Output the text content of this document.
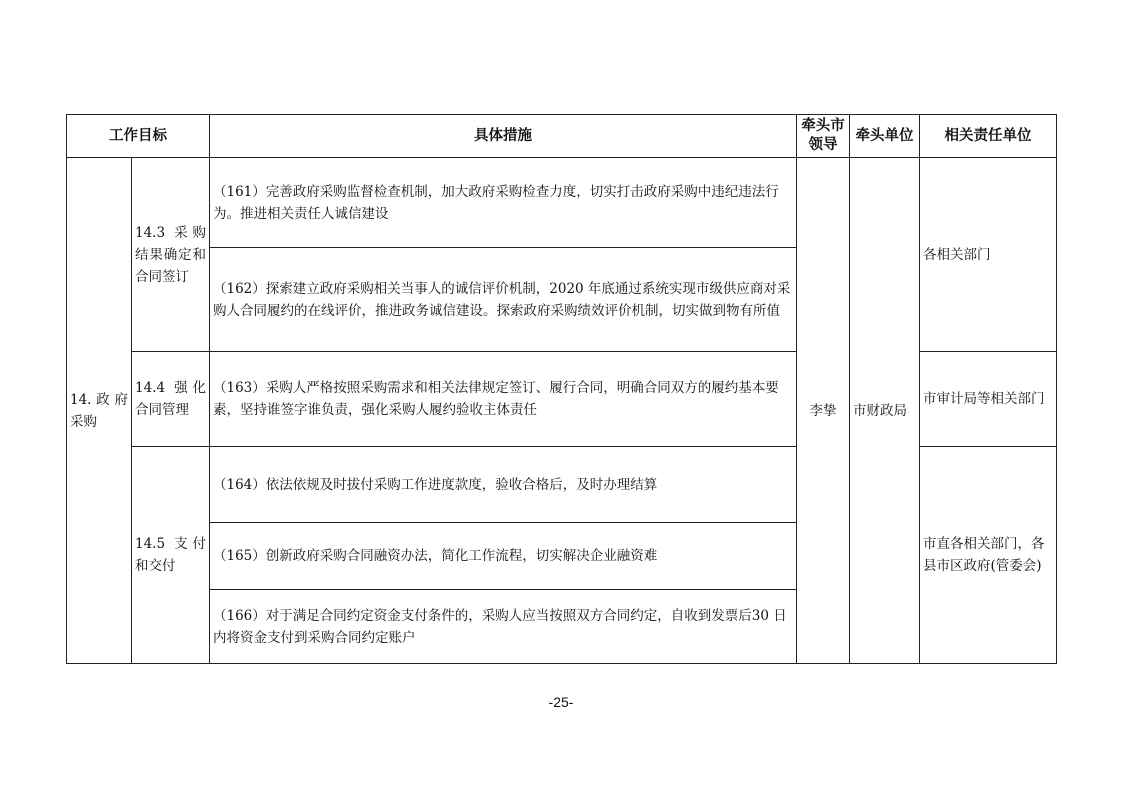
工作目标		具体措施	牵头市领导	牵头单位	相关责任单位
14. 政 府采购	14.3 采购结果确定和合同签订	（161）完善政府采购监督检查机制，加大政府采购检查力度，切实打击政府采购中违纪违法行为。推进相关责任人诚信建设	李挚	市财政局	各相关部门
		（162）探索建立政府采购相关当事人的诚信评价机制，2020 年底通过系统实现市级供应商对采购人合同履约的在线评价，推进政务诚信建设。探索政府采购绩效评价机制，切实做到物有所值			
	14.4 强化合同管理	（163）采购人严格按照采购需求和相关法律规定签订、履行合同，明确合同双方的履约基本要素，坚持谁签字谁负责，强化采购人履约验收主体责任			市审计局等相关部门
	14.5 支付和交付	（164）依法依规及时拔付采购工作进度款度，验收合格后，及时办理结算			市直各相关部门，各县市区政府(管委会)
		（165）创新政府采购合同融资办法，简化工作流程，切实解决企业融资难			
		（166）对于满足合同约定资金支付条件的，采购人应当按照双方合同约定，自收到发票后30 日内将资金支付到采购合同约定账户			
-25-
